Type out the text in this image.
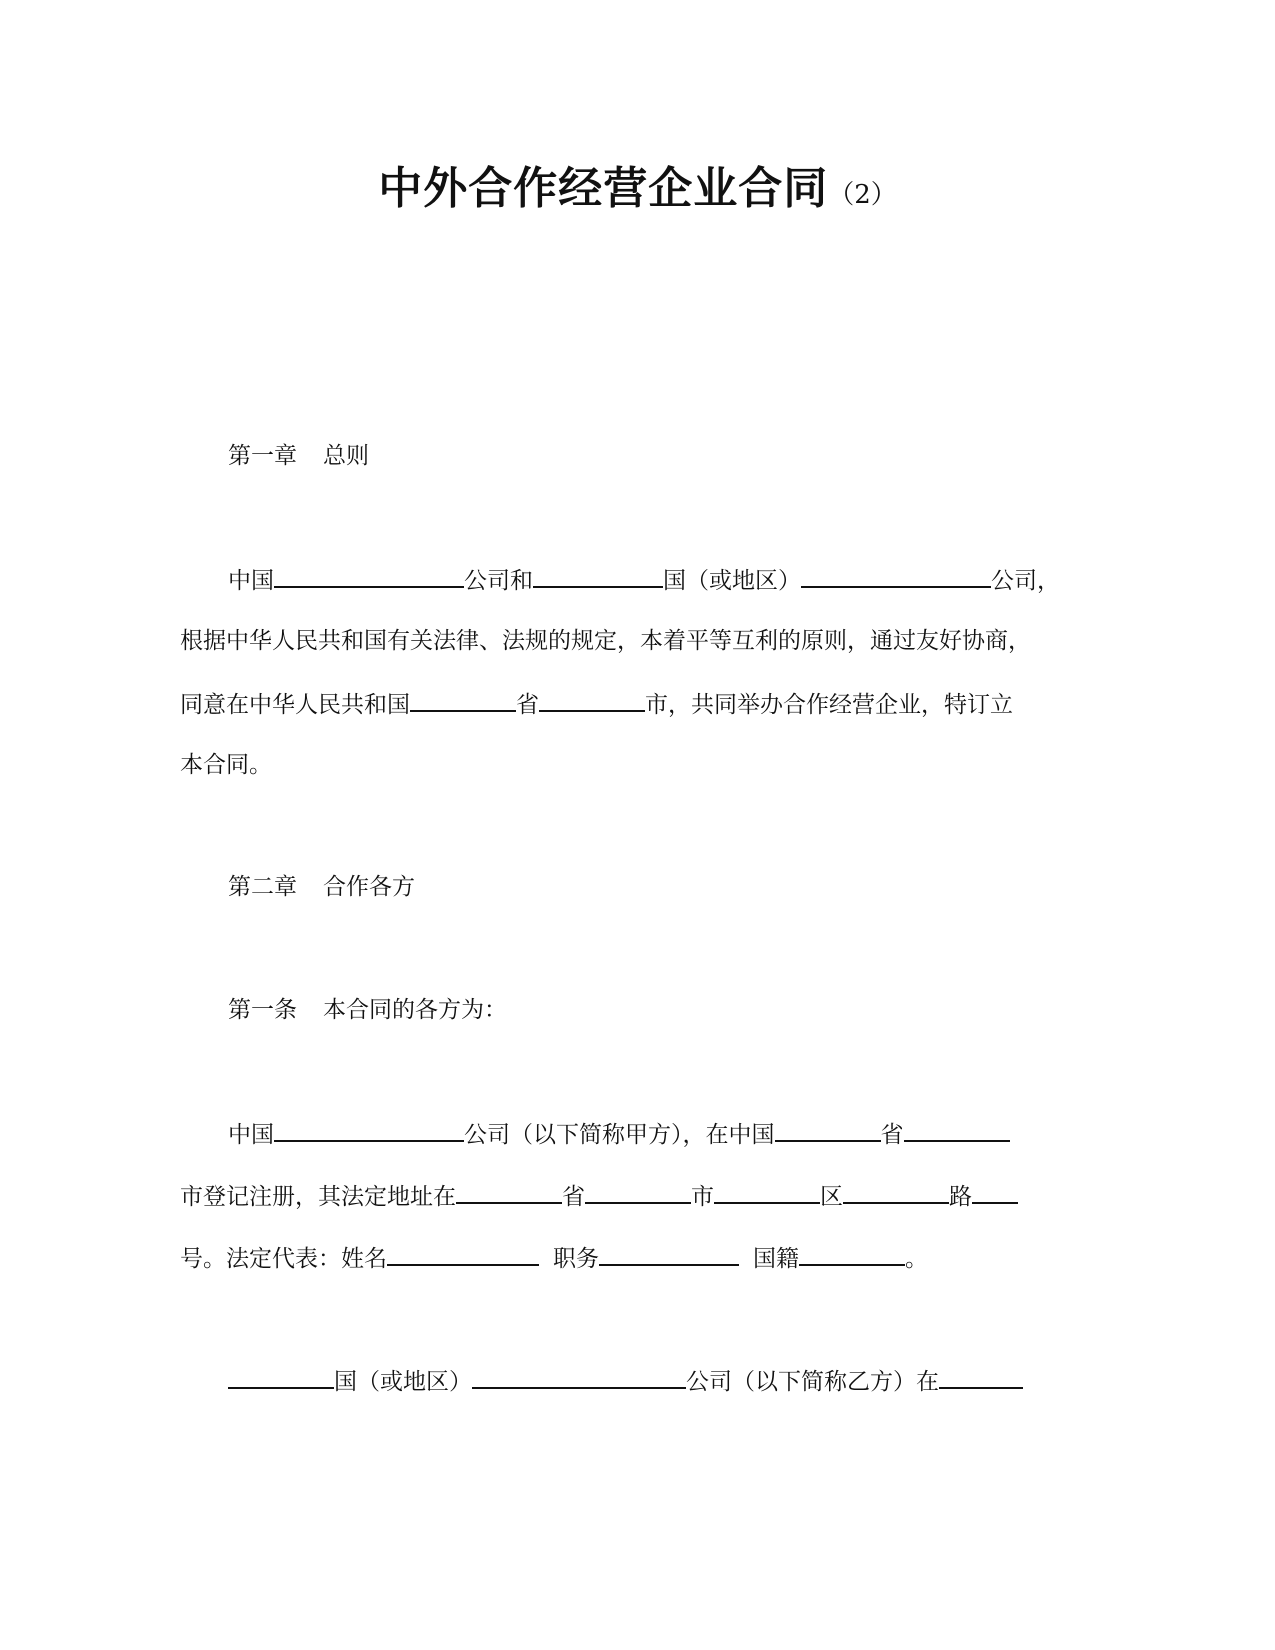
中外合作经营企业合同（2）
第一章 总则
中国	公司和	国（或地区）	公司，
根据中华人民共和国有关法律、法规的规定，本着平等互利的原则，通过友好协商，
同意在中华人民共和国	省	市，共同举办合作经营企业，特订立
本合同。
第二章 合作各方
第一条 本合同的各方为：
中国	公司（以下简称甲方），在中国	省
市登记注册，其法定地址在	省	市	区	路
号。法定代表：姓名	职务	国籍	。
国（或地区）	公司（以下简称乙方）在
